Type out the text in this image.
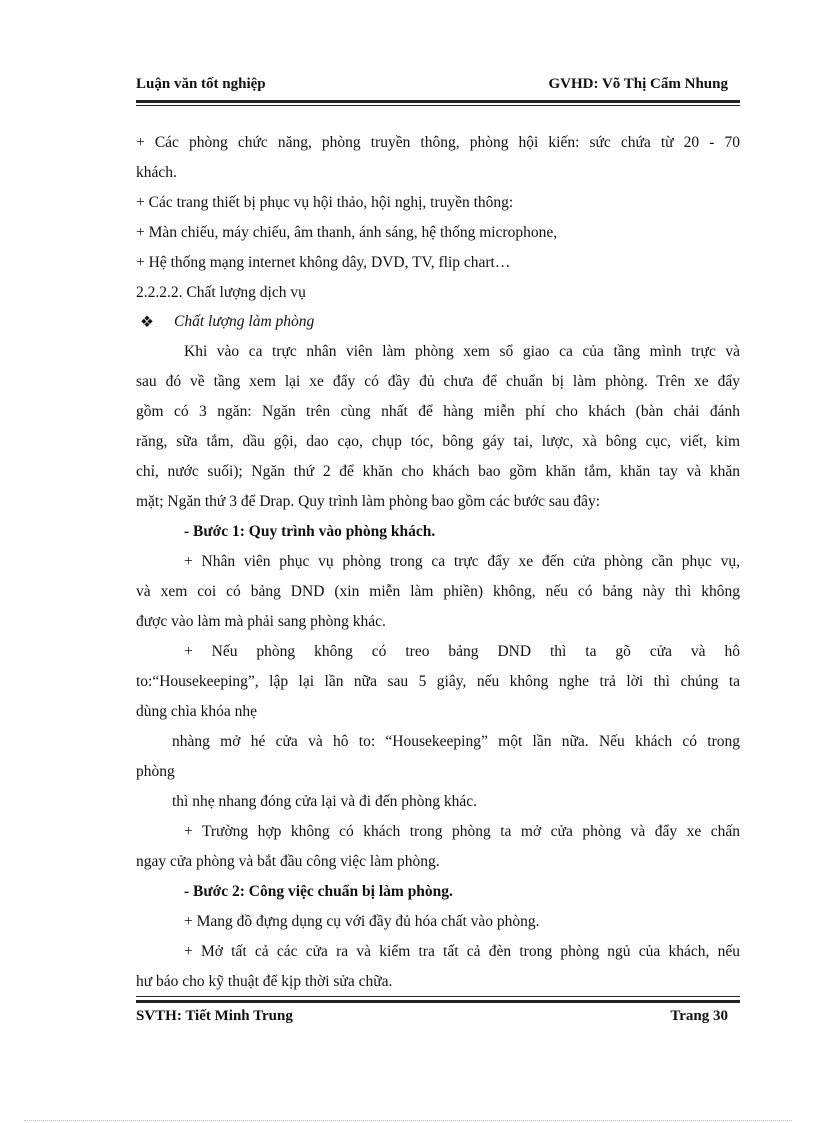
Luận văn tốt nghiệp	GVHD: Võ Thị Cẩm Nhung
+ Các phòng chức năng, phòng truyền thông, phòng hội kiến: sức chứa từ 20 - 70
khách.
+ Các trang thiết bị phục vụ hội thảo, hội nghị, truyền thông:
+ Màn chiếu, máy chiếu, âm thanh, ánh sáng, hệ thống microphone,
+ Hệ thống mạng internet không dây, DVD, TV, flip chart…
2.2.2.2. Chất lượng dịch vụ
❖ Chất lượng làm phòng
Khi vào ca trực nhân viên làm phòng xem sổ giao ca của tầng mình trực và
sau đó về tầng xem lại xe đẩy có đầy đủ chưa để chuẩn bị làm phòng. Trên xe đẩy
gồm có 3 ngăn: Ngăn trên cùng nhất để hàng miễn phí cho khách (bàn chải đánh
răng, sữa tắm, dầu gội, dao cạo, chụp tóc, bông gáy tai, lược, xà bông cục, viết, kim
chỉ, nước suối); Ngăn thứ 2 để khăn cho khách bao gồm khăn tắm, khăn tay và khăn
mặt; Ngăn thứ 3 để Drap. Quy trình làm phòng bao gồm các bước sau đây:
- Bước 1: Quy trình vào phòng khách.
+ Nhân viên phục vụ phòng trong ca trực đẩy xe đến cửa phòng cần phục vụ,
và xem coi có bảng DND (xin miễn làm phiền) không, nếu có bảng này thì không
được vào làm mà phải sang phòng khác.
+ Nếu phòng không có treo bảng DND thì ta gõ cửa và hô
to:“Housekeeping”, lập lại lần nữa sau 5 giây, nếu không nghe trả lời thì chúng ta
dùng chìa khóa nhẹ
nhàng mở hé cửa và hô to: “Housekeeping” một lần nữa. Nếu khách có trong
phòng
thì nhẹ nhang đóng cửa lại và đi đến phòng khác.
+ Trường hợp không có khách trong phòng ta mở cửa phòng và đẩy xe chấn
ngay cửa phòng và bắt đầu công việc làm phòng.
- Bước 2: Công việc chuẩn bị làm phòng.
+ Mang đồ đựng dụng cụ với đầy đủ hóa chất vào phòng.
+ Mở tất cả các cửa ra và kiểm tra tất cả đèn trong phòng ngủ của khách, nếu
hư báo cho kỹ thuật để kịp thời sửa chữa.
SVTH: Tiết Minh Trung	Trang 30
